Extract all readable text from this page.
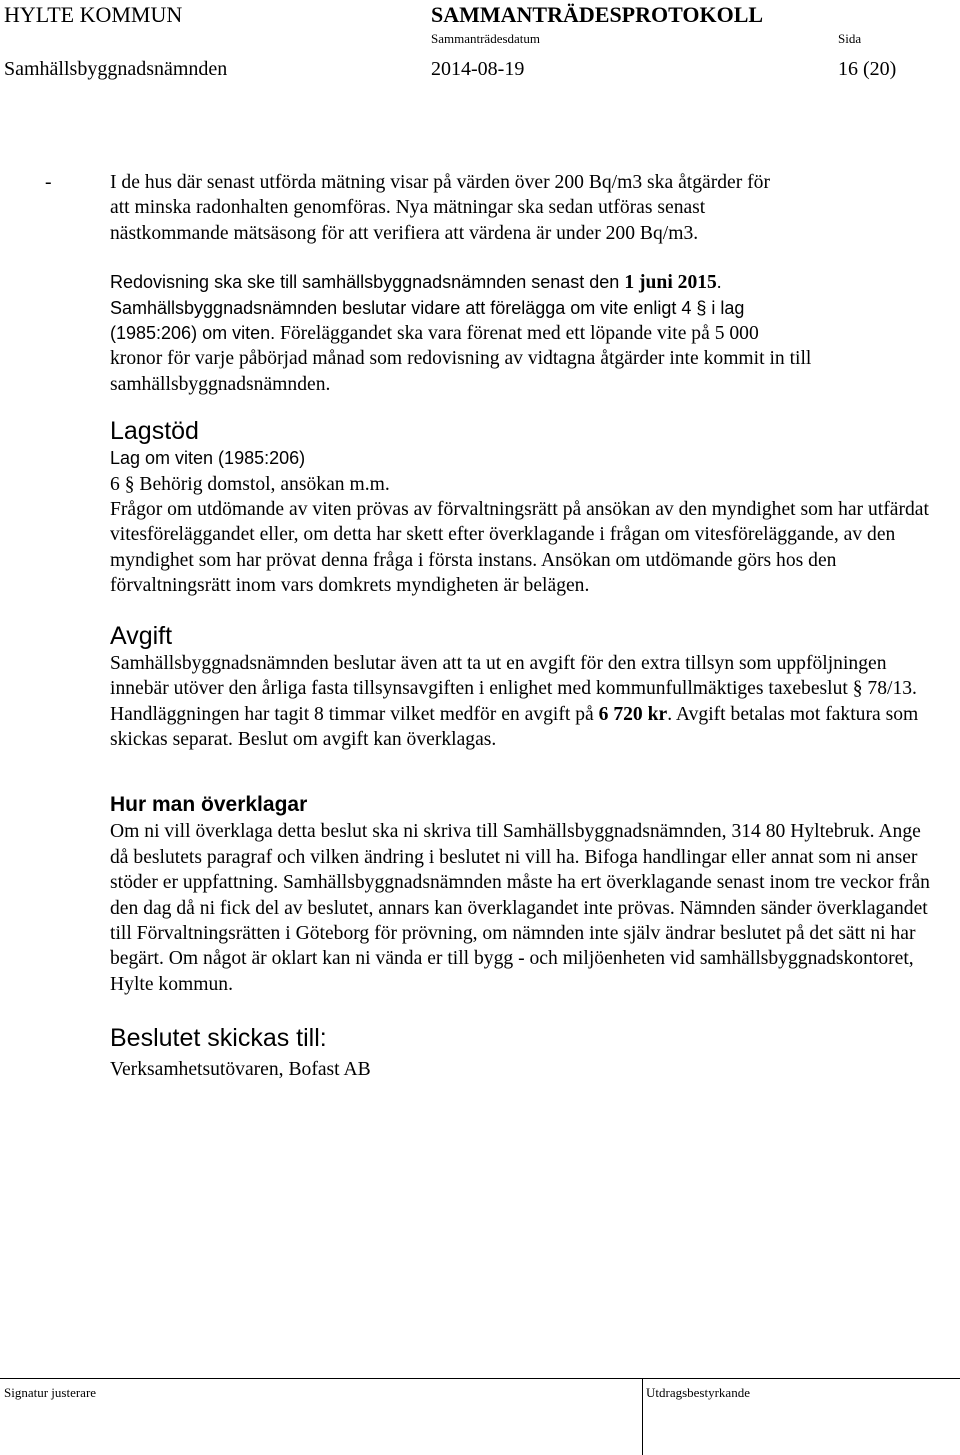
HYLTE KOMMUN	SAMMANTRÄDESPROTOKOLL
Sammanträdesdatum	Sida
Samhällsbyggnadsnämnden	2014-08-19	16 (20)
-	I de hus där senast utförda mätning visar på värden över 200 Bq/m3 ska åtgärder för

att minska radonhalten genomföras. Nya mätningar ska sedan utföras senast

nästkommande mätsäsong för att verifiera att värdena är under 200 Bq/m3.

Redovisning ska ske till samhällsbyggnadsnämnden senast den 1 juni 2015.

Samhällsbyggnadsnämnden beslutar vidare att förelägga om vite enligt 4 § i lag

(1985:206) om viten. Föreläggandet ska vara förenat med ett löpande vite på 5 000

kronor för varje påbörjad månad som redovisning av vidtagna åtgärder inte kommit in till

samhällsbyggnadsnämnden.

Lagstöd

Lag om viten (1985:206)

6 § Behörig domstol, ansökan m.m.

Frågor om utdömande av viten prövas av förvaltningsrätt på ansökan av den myndighet som har utfärdat vitesföreläggandet eller, om detta har skett efter överklagande i frågan om vitesföreläggande, av den myndighet som har prövat denna fråga i första instans. Ansökan om utdömande görs hos den förvaltningsrätt inom vars domkrets myndigheten är belägen.

Avgift

Samhällsbyggnadsnämnden beslutar även att ta ut en avgift för den extra tillsyn som uppföljningen innebär utöver den årliga fasta tillsynsavgiften i enlighet med kommunfullmäktiges taxebeslut § 78/13. Handläggningen har tagit 8 timmar vilket medför en avgift på 6 720 kr. Avgift betalas mot faktura som skickas separat. Beslut om avgift kan överklagas.

Hur man överklagar

Om ni vill överklaga detta beslut ska ni skriva till Samhällsbyggnadsnämnden, 314 80 Hyltebruk. Ange då beslutets paragraf och vilken ändring i beslutet ni vill ha. Bifoga handlingar eller annat som ni anser stöder er uppfattning. Samhällsbyggnadsnämnden måste ha ert överklagande senast inom tre veckor från den dag då ni fick del av beslutet, annars kan överklagandet inte prövas. Nämnden sänder överklagandet till Förvaltningsrätten i Göteborg för prövning, om nämnden inte själv ändrar beslutet på det sätt ni har begärt. Om något är oklart kan ni vända er till bygg - och miljöenheten vid samhällsbyggnadskontoret, Hylte kommun.

Beslutet skickas till:

Verksamhetsutövaren, Bofast AB

Signatur justerare	Utdragsbestyrkande
